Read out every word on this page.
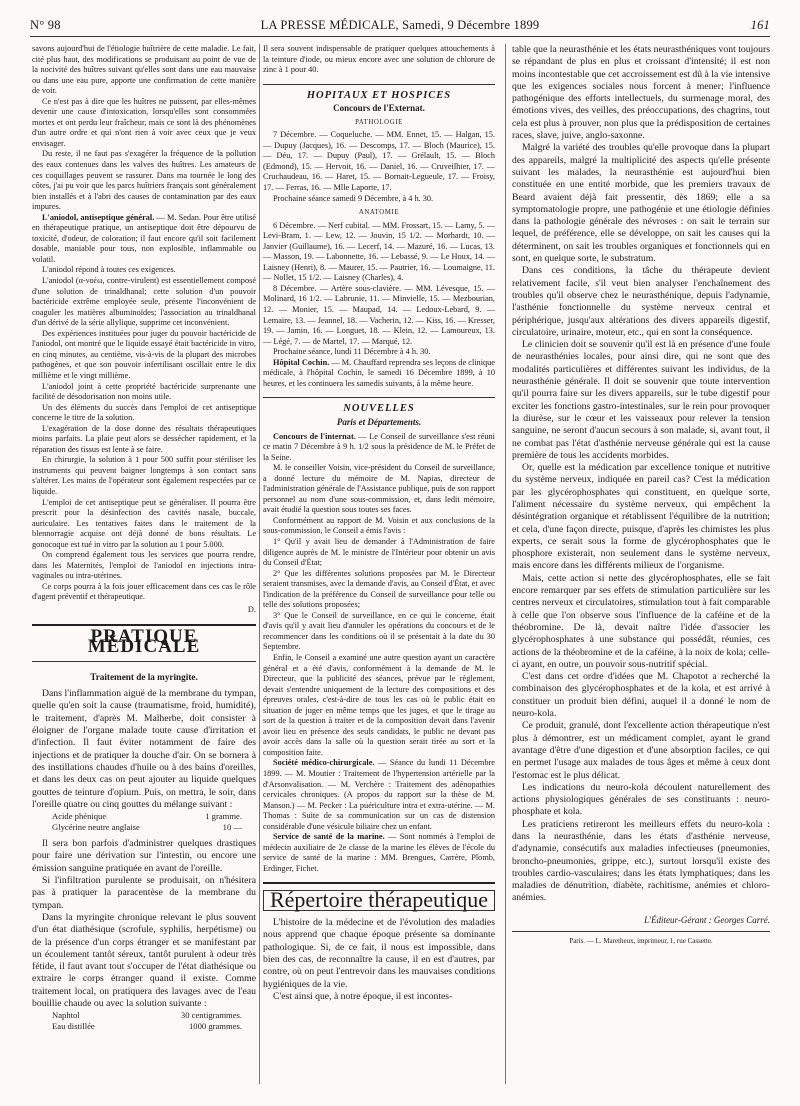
N° 98	LA PRESSE MÉDICALE, Samedi, 9 Décembre 1899	161

savons aujourd'hui de l'étiologie huîtrière de cette maladie. Le fait, cité plus haut, des modifications se produisant au point de vue de la nocivité des huîtres suivant qu'elles sont dans une eau mauvaise ou dans une eau pure, apporte une confirmation de cette manière de voir.

Ce n'est pas à dire que les huîtres ne puissent, par elles-mêmes devenir une cause d'intoxication, lorsqu'elles sont consommées mortes et ont perdu leur fraîcheur, mais ce sont là des phénomènes d'un autre ordre et qui n'ont rien à voir avec ceux que je veux envisager.

Du reste, il ne faut pas s'exagérer la fréquence de la pollution des eaux contenues dans les valves des huîtres. Les amateurs de ces coquillages peuvent se rassurer. Dans ma tournée le long des côtes, j'ai pu voir que les parcs huîtriers français sont généralement bien installés et à l'abri des causes de contamination par des eaux impures.

L'aniodol, antiseptique général. — M. Sedan. Pour être utilisé en thérapeutique pratique, un antiseptique doit être dépourvu de toxicité, d'odeur, de coloration; il faut encore qu'il soit facilement dosable, maniable pour tous, non explosible, inflammable ou volatil.

L'aniodol répond à toutes ces exigences.

L'aniodol (α-νοέω, contre-virulent) est essentiellement composé d'une solution de trinaldhanal; cette solution d'un pouvoir bactéricide extrême employée seule, présente l'inconvénient de coaguler les matières albuminoïdes; l'association au trinaldhanal d'un dérivé de la série allylique, supprime cet inconvénient.

Des expériences instituées pour juger du pouvoir bactéricide de l'aniodol, ont montré que le liquide essayé était bactéricide in vitro, en cinq minutes, au centième, vis-à-vis de la plupart des microbes pathogènes, et que son pouvoir infertilisant oscillait entre le dix millième et le vingt millième.

L'aniodol joint à cette propriété bactéricide surprenante une facilité de désodorisation non moins utile.

Un des éléments du succès dans l'emploi de cet antiseptique concerne le titre de la solution.

L'exagération de la dose donne des résultats thérapeutiques moins parfaits. La plaie peut alors se dessécher rapidement, et la réparation des tissus est lente à se faire.

En chirurgie, la solution à 1 pour 500 suffit pour stériliser les instruments qui peuvent baigner longtemps à son contact sans s'altérer. Les mains de l'opérateur sont également respectées par ce liquide.

L'emploi de cet antiseptique peut se généraliser. Il pourra être prescrit pour la désinfection des cavités nasale, buccale, auriculaire. Les tentatives faites dans le traitement de la blennorragie acquise ont déjà donné de bons résultats. Le gonocoque est tué in vitro par la solution au 1 pour 5.000.

On comprend également tous les services que pourra rendre, dans les Maternités, l'emploi de l'aniodol en injections intra-vaginales ou intra-utérines.

Ce corps pourra à la fois jouer efficacement dans ces cas le rôle d'agent préventif et thérapeutique.

D.

PRATIQUE MÉDICALE
Traitement de la myringite.

Dans l'inflammation aiguë de la membrane du tympan, quelle qu'en soit la cause (traumatisme, froid, humidité), le traitement, d'après M. Malherbe, doit consister à éloigner de l'organe malade toute cause d'irritation et d'infection. Il faut éviter notamment de faire des injections et de pratiquer la douche d'air. On se bornera à des instillations chaudes d'huile ou à des bains d'oreilles, et dans les deux cas on peut ajouter au liquide quelques gouttes de teinture d'opium. Puis, on mettra, le soir, dans l'oreille quatre ou cinq gouttes du mélange suivant :

Acide phénique	1 gramme.
Glycérine neutre anglaise	10 —

Il sera bon parfois d'administrer quelques drastiques pour faire une dérivation sur l'intestin, ou encore une émission sanguine pratiquée en avant de l'oreille.

Si l'infiltration purulente se produisait, on n'hésitera pas à pratiquer la paracentèse de la membrane du tympan.

Dans la myringite chronique relevant le plus souvent d'un état diathésique (scrofule, syphilis, herpétisme) ou de la présence d'un corps étranger et se manifestant par un écoulement tantôt séreux, tantôt purulent à odeur très fétide, il faut avant tout s'occuper de l'état diathésique ou extraire le corps étranger quand il existe. Comme traitement local, on pratiquera des lavages avec de l'eau bouillie chaude ou avec la solution suivante :

Naphtol	30 centigrammes.
Eau distillée	1000 grammes.

Il sera souvent indispensable de pratiquer quelques attouchements à la teinture d'iode, ou mieux encore avec une solution de chlorure de zinc à 1 pour 40.

HOPITAUX ET HOSPICES
Concours de l'Externat.
PATHOLOGIE

7 Décembre. — Coqueluche. — MM. Ennet, 15. — Halgan, 15. — Dupuy (Jacques), 16. — Descomps, 17. — Bloch (Maurice), 15. — Déu, 17. — Dupuy (Paul), 17. — Grélault, 15. — Bloch (Edmond), 15. — Hervoit, 16. — Daniel, 16. — Cruveilhier, 17. — Cruchaudeau, 16. — Haret, 15. — Bornait-Legueule, 17. — Froisy, 17. — Ferras, 16. — Mlle Laporte, 17.

Prochaine séance samedi 9 Décembre, à 4 h. 30.

ANATOMIE

6 Décembre. — Nerf cubital. — MM. Frossart, 15. — Lamy, 5. — Levi-Bram, 1. — Lew, 12. — Jouvin, 15 1/2. — Morhardt, 10. — Janvier (Guillaume), 16. — Lecerf, 14. — Mazuré, 16. — Lucas, 13. — Masson, 19. — Labonnette, 16. — Lebassé, 9. — Le Houx, 14. — Laisney (Henri), 8. — Maurer, 15. — Pautrier, 16. — Loumaigne, 11. — Nollet, 15 1/2. — Laisney (Charles), 4.

8 Décembre. — Artère sous-clavière. — MM. Lévesque, 15. — Molinard, 16 1/2. — Labrunie, 11. — Minvielle, 15. — Mezbourian, 12. — Monier, 15. — Maupad, 14. — Ledoux-Lebard, 9. — Lemaire, 13. — Jeannel, 18. — Vacherin, 12. — Kiss, 16. — Kresser, 19. — Jamin, 16. — Longuet, 18. — Klein, 12. — Lamoureux, 13. — Légé, 7. — de Martel, 17. — Marqué, 12.

Prochaine séance, lundi 11 Décembre à 4 h. 30.

Hôpital Cochin. — M. Chauffard reprendra ses leçons de clinique médicale, à l'hôpital Cochin, le samedi 16 Décembre 1899, à 10 heures, et les continuera les samedis suivants, à la même heure.

NOUVELLES
Paris et Départements.

Concours de l'internat. — Le Conseil de surveillance s'est réuni ce matin 7 Décembre à 9 h. 1/2 sous la présidence de M. le Préfet de la Seine.

M. le conseiller Voisin, vice-président du Conseil de surveillance, a donné lecture du mémoire de M. Napias, directeur de l'administration générale de l'Assistance publique, puis de son rapport personnel au nom d'une sous-commission, et, dans ledit mémoire, avait étudié la question sous toutes ses faces.

Conformément au rapport de M. Voisin et aux conclusions de la sous-commission, le Conseil a émis l'avis :

1° Qu'il y avait lieu de demander à l'Administration de faire diligence auprès de M. le ministre de l'Intérieur pour obtenir un avis du Conseil d'État;

2° Que les différentes solutions proposées par M. le Directeur seraient transmises, avec la demande d'avis, au Conseil d'État, et avec l'indication de la préférence du Conseil de surveillance pour telle ou telle des solutions proposées;

3° Que le Conseil de surveillance, en ce qui le concerne, était d'avis qu'il y avait lieu d'annuler les opérations du concours et de le recommencer dans les conditions où il se présentait à la date du 30 Septembre.

Enfin, le Conseil a examiné une autre question ayant un caractère général et a été d'avis, conformément à la demande de M. le Directeur, que la publicité des séances, prévue par le règlement, devait s'entendre uniquement de la lecture des compositions et des épreuves orales, c'est-à-dire de tous les cas où le public était en situation de juger en même temps que les juges, et que le tirage au sort de la question à traiter et de la composition devait dans l'avenir avoir lieu en présence des seuls candidats, le public ne devant pas avoir accès dans la salle où la question serait tirée au sort et la composition faite.

Société médico-chirurgicale. — Séance du lundi 11 Décembre 1899. — M. Moutier : Traitement de l'hypertension artérielle par la d'Arsonvalisation. — M. Verchère : Traitement des adénopathies cervicales chroniques. (A propos du rapport sur la thèse de M. Manson.) — M. Pecker : La puériculture intra et extra-utérine. — M. Thomas : Suite de sa communication sur un cas de distension considérable d'une vésicule biliaire chez un enfant.

Service de santé de la marine. — Sont nommés à l'emploi de médecin auxiliaire de 2e classe de la marine les élèves de l'école du service de santé de la marine : MM. Brengues, Carrère, Plomb, Erdinger, Fichet.

Répertoire thérapeutique

L'histoire de la médecine et de l'évolution des maladies nous apprend que chaque époque présente sa dominante pathologique. Si, de ce fait, il nous est impossible, dans bien des cas, de reconnaître la cause, il en est d'autres, par contre, où on peut l'entrevoir dans les mauvaises conditions hygiéniques de la vie.

C'est ainsi que, à notre époque, il est incontes-

table que la neurasthénie et les états neurasthéniques vont toujours se répandant de plus en plus et croissant d'intensité; il est non moins incontestable que cet accroissement est dû à la vie intensive que les exigences sociales nous forcent à mener; l'influence pathogénique des efforts intellectuels, du surmenage moral, des émotions vives, des veilles, des préoccupations, des chagrins, tout cela est plus à prouver, non plus que la prédisposition de certaines races, slave, juive, anglo-saxonne.

Malgré la variété des troubles qu'elle provoque dans la plupart des appareils, malgré la multiplicité des aspects qu'elle présente suivant les malades, la neurasthénie est aujourd'hui bien constituée en une entité morbide, que les premiers travaux de Beard avaient déjà fait pressentir, dès 1869; elle a sa symptomatologie propre, une pathogénie et une étiologie définies dans la pathologie générale des névroses : on sait le terrain sur lequel, de préférence, elle se développe, on sait les causes qui la déterminent, on sait les troubles organiques et fonctionnels qui en sont, en quelque sorte, le substratum.

Dans ces conditions, la tâche du thérapeute devient relativement facile, s'il veut bien analyser l'enchaînement des troubles qu'il observe chez le neurasthénique, depuis l'adynamie, l'asthénie fonctionnelle du système nerveux central et périphérique, jusqu'aux altérations des divers appareils digestif, circulatoire, urinaire, moteur, etc., qui en sont la conséquence.

Le clinicien doit se souvenir qu'il est là en présence d'une foule de neurasthénies locales, pour ainsi dire, qui ne sont que des modalités particulières et différentes suivant les individus, de la neurasthénie générale. Il doit se souvenir que toute intervention qu'il pourra faire sur les divers appareils, sur le tube digestif pour exciter les fonctions gastro-intestinales, sur le rein pour provoquer la diurèse, sur le cœur et les vaisseaux pour relever la tension sanguine, ne seront d'aucun secours à son malade, si, avant tout, il ne combat pas l'état d'asthénie nerveuse générale qui est la cause première de tous les accidents morbides.

Or, quelle est la médication par excellence tonique et nutritive du système nerveux, indiquée en pareil cas? C'est la médication par les glycérophosphates qui constituent, en quelque sorte, l'aliment nécessaire du système nerveux, qui empêchent la désintégration organique et rétablissent l'équilibre de la nutrition; et cela, d'une façon directe, puisque, d'après les chimistes les plus experts, ce serait sous la forme de glycérophosphates que le phosphore existerait, non seulement dans le système nerveux, mais encore dans les différents milieux de l'organisme.

Mais, cette action si nette des glycérophosphates, elle se fait encore remarquer par ses effets de stimulation particulière sur les centres nerveux et circulatoires, stimulation tout à fait comparable à celle que l'on observe sous l'influence de la caféine et de la théobromine. De là, devait naître l'idée d'associer les glycérophosphates à une substance qui possédât, réunies, ces actions de la théobromine et de la caféine, à la noix de kola; celle-ci ayant, en outre, un pouvoir sous-nutritif spécial.

C'est dans cet ordre d'idées que M. Chapotot a recherché la combinaison des glycérophosphates et de la kola, et est arrivé à constituer un produit bien défini, auquel il a donné le nom de neuro-kola.

Ce produit, granulé, dont l'excellente action thérapeutique n'est plus à démontrer, est un médicament complet, ayant le grand avantage d'être d'une digestion et d'une absorption faciles, ce qui en permet l'usage aux malades de tous âges et même à ceux dont l'estomac est le plus délicat.

Les indications du neuro-kola découlent naturellement des actions physiologiques générales de ses constituants : neuro-phosphate et kola.

Les praticiens retireront les meilleurs effets du neuro-kola : dans la neurasthénie, dans les états d'asthénie nerveuse, d'adynamie, consécutifs aux maladies infectieuses (pneumonies, broncho-pneumonies, grippe, etc.), surtout lorsqu'il existe des troubles cardio-vasculaires; dans les états lymphatiques; dans les maladies de dénutrition, diabète, rachitisme, anémies et chloro-anémies.

L'Éditeur-Gérant : Georges Carré.
Paris. — L. Maretheux, imprimeur, 1, rue Cassette.
